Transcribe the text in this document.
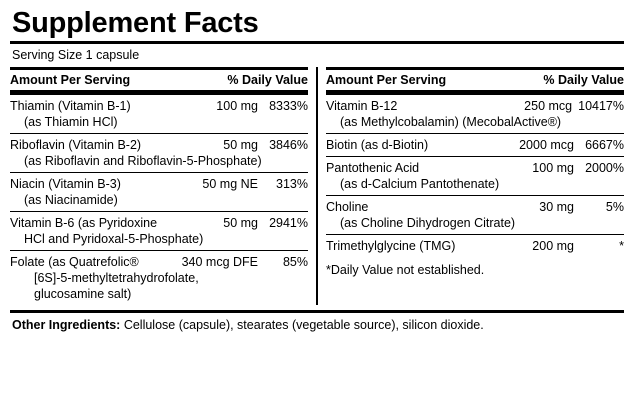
Supplement Facts
Serving Size 1 capsule
Amount Per Serving	% Daily Value
Thiamin (Vitamin B-1)	100 mg 8333%
(as Thiamin HCl)
Riboflavin (Vitamin B-2)	50 mg 3846%
(as Riboflavin and Riboflavin-5-Phosphate)
Niacin (Vitamin B-3)	50 mg NE	313%
(as Niacinamide)
Vitamin B-6 (as Pyridoxine	50 mg 2941%
HCl and Pyridoxal-5-Phosphate)
Folate (as Quatrefolic®	340 mcg DFE	85%
[6S]-5-methyltetrahydrofolate,
glucosamine salt)
Amount Per Serving	% Daily Value
Vitamin B-12	250 mcg 10417%
(as Methylcobalamin) (MecobalActive®)
Biotin (as d-Biotin)	2000 mcg 6667%
Pantothenic Acid	100 mg 2000%
(as d-Calcium Pantothenate)
Choline	30 mg	5%
(as Choline Dihydrogen Citrate)
Trimethylglycine (TMG)	200 mg	*
*Daily Value not established.
Other Ingredients: Cellulose (capsule), stearates (vegetable source), silicon dioxide.
